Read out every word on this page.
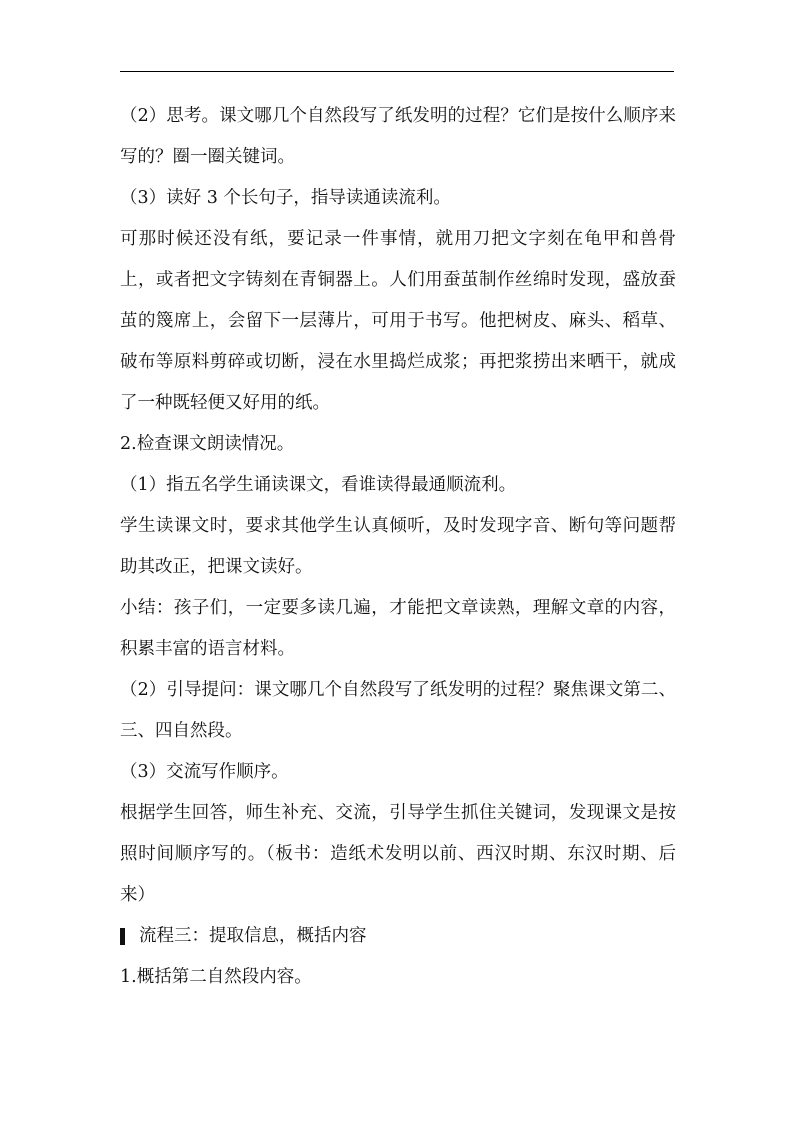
（2）思考。课文哪几个自然段写了纸发明的过程？它们是按什么顺序来写的？圈一圈关键词。

（3）读好 3 个长句子，指导读通读流利。

可那时候还没有纸，要记录一件事情，就用刀把文字刻在龟甲和兽骨上，或者把文字铸刻在青铜器上。人们用蚕茧制作丝绵时发现，盛放蚕茧的篾席上，会留下一层薄片，可用于书写。他把树皮、麻头、稻草、破布等原料剪碎或切断，浸在水里捣烂成浆；再把浆捞出来晒干，就成了一种既轻便又好用的纸。

2.检查课文朗读情况。

（1）指五名学生诵读课文，看谁读得最通顺流利。

学生读课文时，要求其他学生认真倾听，及时发现字音、断句等问题帮助其改正，把课文读好。

小结：孩子们，一定要多读几遍，才能把文章读熟，理解文章的内容，积累丰富的语言材料。

（2）引导提问：课文哪几个自然段写了纸发明的过程？聚焦课文第二、三、四自然段。

（3）交流写作顺序。

根据学生回答，师生补充、交流，引导学生抓住关键词，发现课文是按照时间顺序写的。（板书：造纸术发明以前、西汉时期、东汉时期、后来）

流程三：提取信息，概括内容

1.概括第二自然段内容。
